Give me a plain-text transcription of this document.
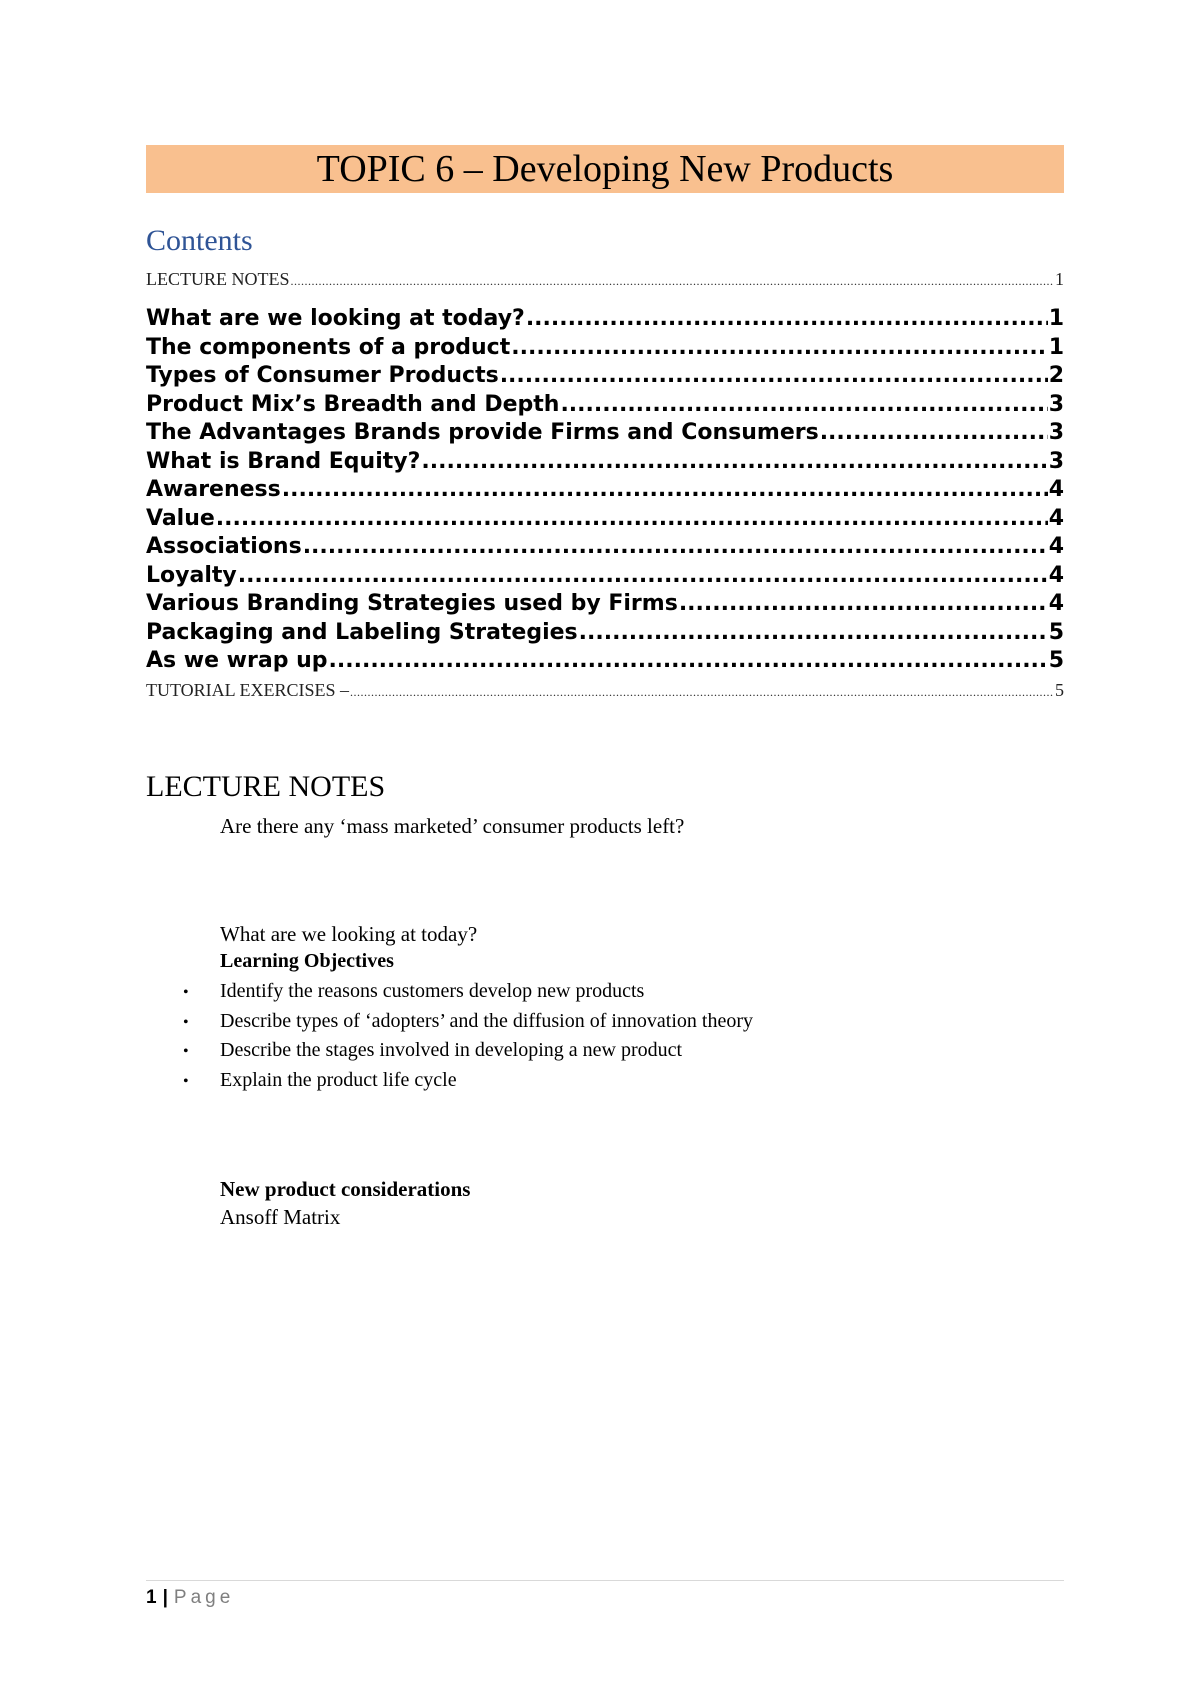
TOPIC 6 – Developing New Products
Contents
LECTURE NOTES .....	1
What are we looking at today? .....	1
The components of a product .....	1
Types of Consumer Products .....	2
Product Mix’s Breadth and Depth .....	3
The Advantages Brands provide Firms and Consumers .....	3
What is Brand Equity? .....	3
Awareness .....	4
Value .....	4
Associations .....	4
Loyalty .....	4
Various Branding Strategies used by Firms .....	4
Packaging and Labeling Strategies .....	5
As we wrap up .....	5
TUTORIAL EXERCISES – .....	5
LECTURE NOTES
Are there any ‘mass marketed’ consumer products left?
What are we looking at today?
Learning Objectives
•	Identify the reasons customers develop new products
•	Describe types of ‘adopters’ and the diffusion of innovation theory
•	Describe the stages involved in developing a new product
•	Explain the product life cycle
New product considerations
Ansoff Matrix
1 | Page
